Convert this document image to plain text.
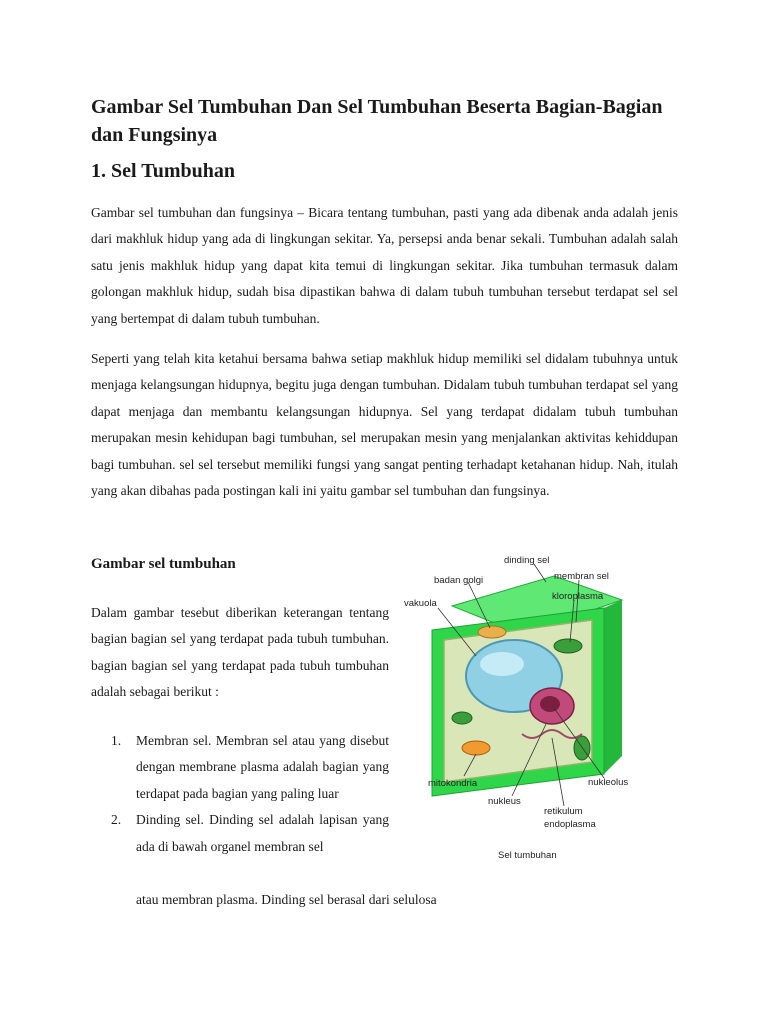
Gambar Sel Tumbuhan Dan Sel Tumbuhan Beserta Bagian-Bagian dan Fungsinya
1. Sel Tumbuhan

Gambar sel tumbuhan dan fungsinya – Bicara tentang tumbuhan, pasti yang ada dibenak anda adalah jenis dari makhluk hidup yang ada di lingkungan sekitar. Ya, persepsi anda benar sekali. Tumbuhan adalah salah satu jenis makhluk hidup yang dapat kita temui di lingkungan sekitar. Jika tumbuhan termasuk dalam golongan makhluk hidup, sudah bisa dipastikan bahwa di dalam tubuh tumbuhan tersebut terdapat sel sel yang bertempat di dalam tubuh tumbuhan.

Seperti yang telah kita ketahui bersama bahwa setiap makhluk hidup memiliki sel didalam tubuhnya untuk menjaga kelangsungan hidupnya, begitu juga dengan tumbuhan. Didalam tubuh tumbuhan terdapat sel yang dapat menjaga dan membantu kelangsungan hidupnya. Sel yang terdapat didalam tubuh tumbuhan merupakan mesin kehidupan bagi tumbuhan, sel merupakan mesin yang menjalankan aktivitas kehiddupan bagi tumbuhan. sel sel tersebut memiliki fungsi yang sangat penting terhadapt ketahanan hidup. Nah, itulah yang akan dibahas pada postingan kali ini yaitu gambar sel tumbuhan dan fungsinya.

Gambar sel tumbuhan

Dalam gambar tesebut diberikan keterangan tentang bagian bagian sel yang terdapat pada tubuh tumbuhan. bagian bagian sel yang terdapat pada tubuh tumbuhan adalah sebagai berikut :

1. Membran sel. Membran sel atau yang disebut dengan membrane plasma adalah bagian yang terdapat pada bagian yang paling luar
2. Dinding sel. Dinding sel adalah lapisan yang ada di bawah organel membran sel

atau membran plasma. Dinding sel berasal dari selulosa

dinding sel
badan golgi	membran sel
vakuola
kloroplasma
mitokondria	nukleolus
nukleus
retikulum
endoplasma
Sel tumbuhan
